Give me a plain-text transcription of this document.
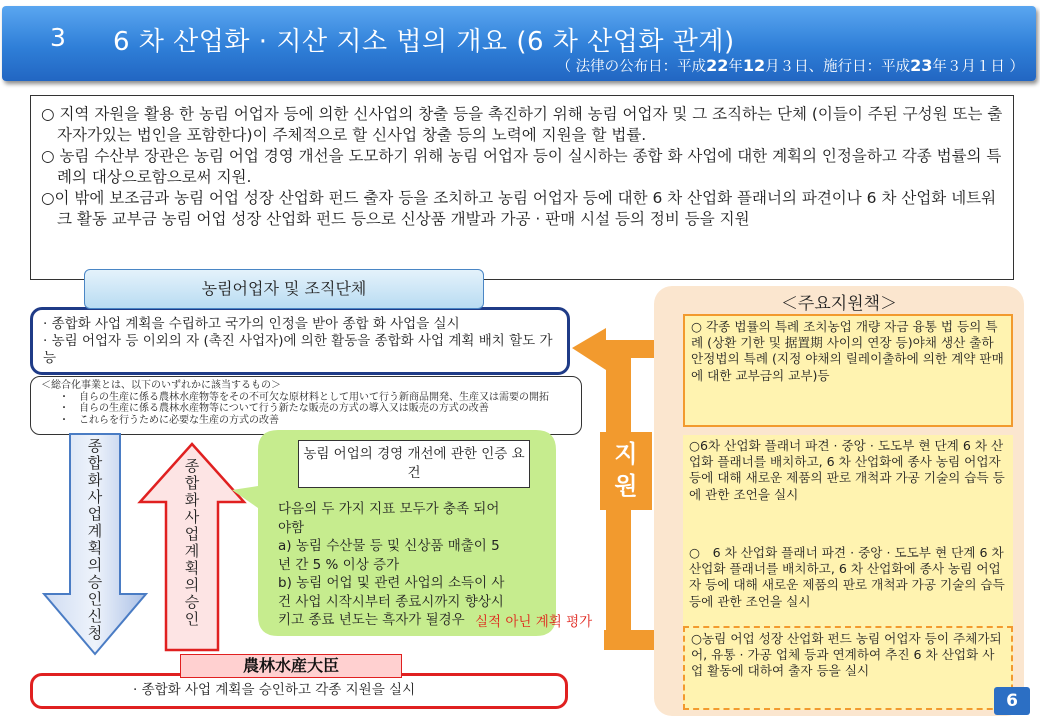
3 6 차 산업화 · 지산 지소 법의 개요 (6 차 산업화 관계)
（ 法律の公布日：平成22年12月３日、施行日：平成23年３月１日 ）
○ 지역 자원을 활용 한 농림 어업자 등에 의한 신사업의 창출 등을 촉진하기 위해 농림 어업자 및 그 조직하는 단체 (이들이 주된 구성원 또는 출자자가있는 법인을 포함한다)이 주체적으로 할 신사업 창출 등의 노력에 지원을 할 법률.
○ 농림 수산부 장관은 농림 어업 경영 개선을 도모하기 위해 농림 어업자 등이 실시하는 종합 화 사업에 대한 계획의 인정을하고 각종 법률의 특례의 대상으로함으로써 지원.
○이 밖에 보조금과 농림 어업 성장 산업화 펀드 출자 등을 조치하고 농림 어업자 등에 대한 6 차 산업화 플래너의 파견이나 6 차 산업화 네트워크 활동 교부금 농림 어업 성장 산업화 펀드 등으로 신상품 개발과 가공 · 판매 시설 등의 정비 등을 지원
· 종합화 사업 계획을 수립하고 국가의 인정을 받아 종합 화 사업을 실시
· 농림 어업자 등 이외의 자 (촉진 사업자)에 의한 활동을 종합화 사업 계획 배치 할도 가능
농림어업자 및 조직단체
＜総合化事業とは、以下のいずれかに該当するもの＞
・　自らの生産に係る農林水産物等をその不可欠な原材料として用いて行う新商品開発、生産又は需要の開拓
・　自らの生産に係る農林水産物等について行う新たな販売の方式の導入又は販売の方式の改善
・　これらを行うために必要な生産の方式の改善
종합화사업계획의 승인신청
종합화사업계획의 승인
농림 어업의 경영 개선에 관한 인증 요건
다음의 두 가지 지표 모두가 충족 되어야함
a) 농림 수산물 등 및 신상품 매출이 5년 간 5 % 이상 증가
b) 농림 어업 및 관련 사업의 소득이 사건 사업 시작시부터 종료시까지 향상시키고 종료 년도는 흑자가 될경우 실적 아닌 계획 평가
지원
· 종합화 사업 계획을 승인하고 각종 지원을 실시
農林水産大臣
＜주요지원책＞
○ 각종 법률의 특례 조치농업 개량 자금 융통 법 등의 특례 (상환 기한 및 据置期 사이의 연장 등)야채 생산 출하 안정법의 특례 (지정 야채의 릴레이출하에 의한 계약 판매에 대한 교부금의 교부)등
○6차 산업화 플래너 파견 · 중앙 · 도도부 현 단계 6 차 산업화 플래너를 배치하고, 6 차 산업화에 종사 농림 어업자 등에 대해 새로운 제품의 판로 개척과 가공 기술의 습득 등에 관한 조언을 실시
○　6 차 산업화 플래너 파견 · 중앙 · 도도부 현 단계 6 차 산업화 플래너를 배치하고, 6 차 산업화에 종사 농림 어업자 등에 대해 새로운 제품의 판로 개척과 가공 기술의 습득 등에 관한 조언을 실시
○농림 어업 성장 산업화 펀드 농림 어업자 등이 주체가되어, 유통 · 가공 업체 등과 연계하여 추진 6 차 산업화 사업 활동에 대하여 출자 등을 실시
6
